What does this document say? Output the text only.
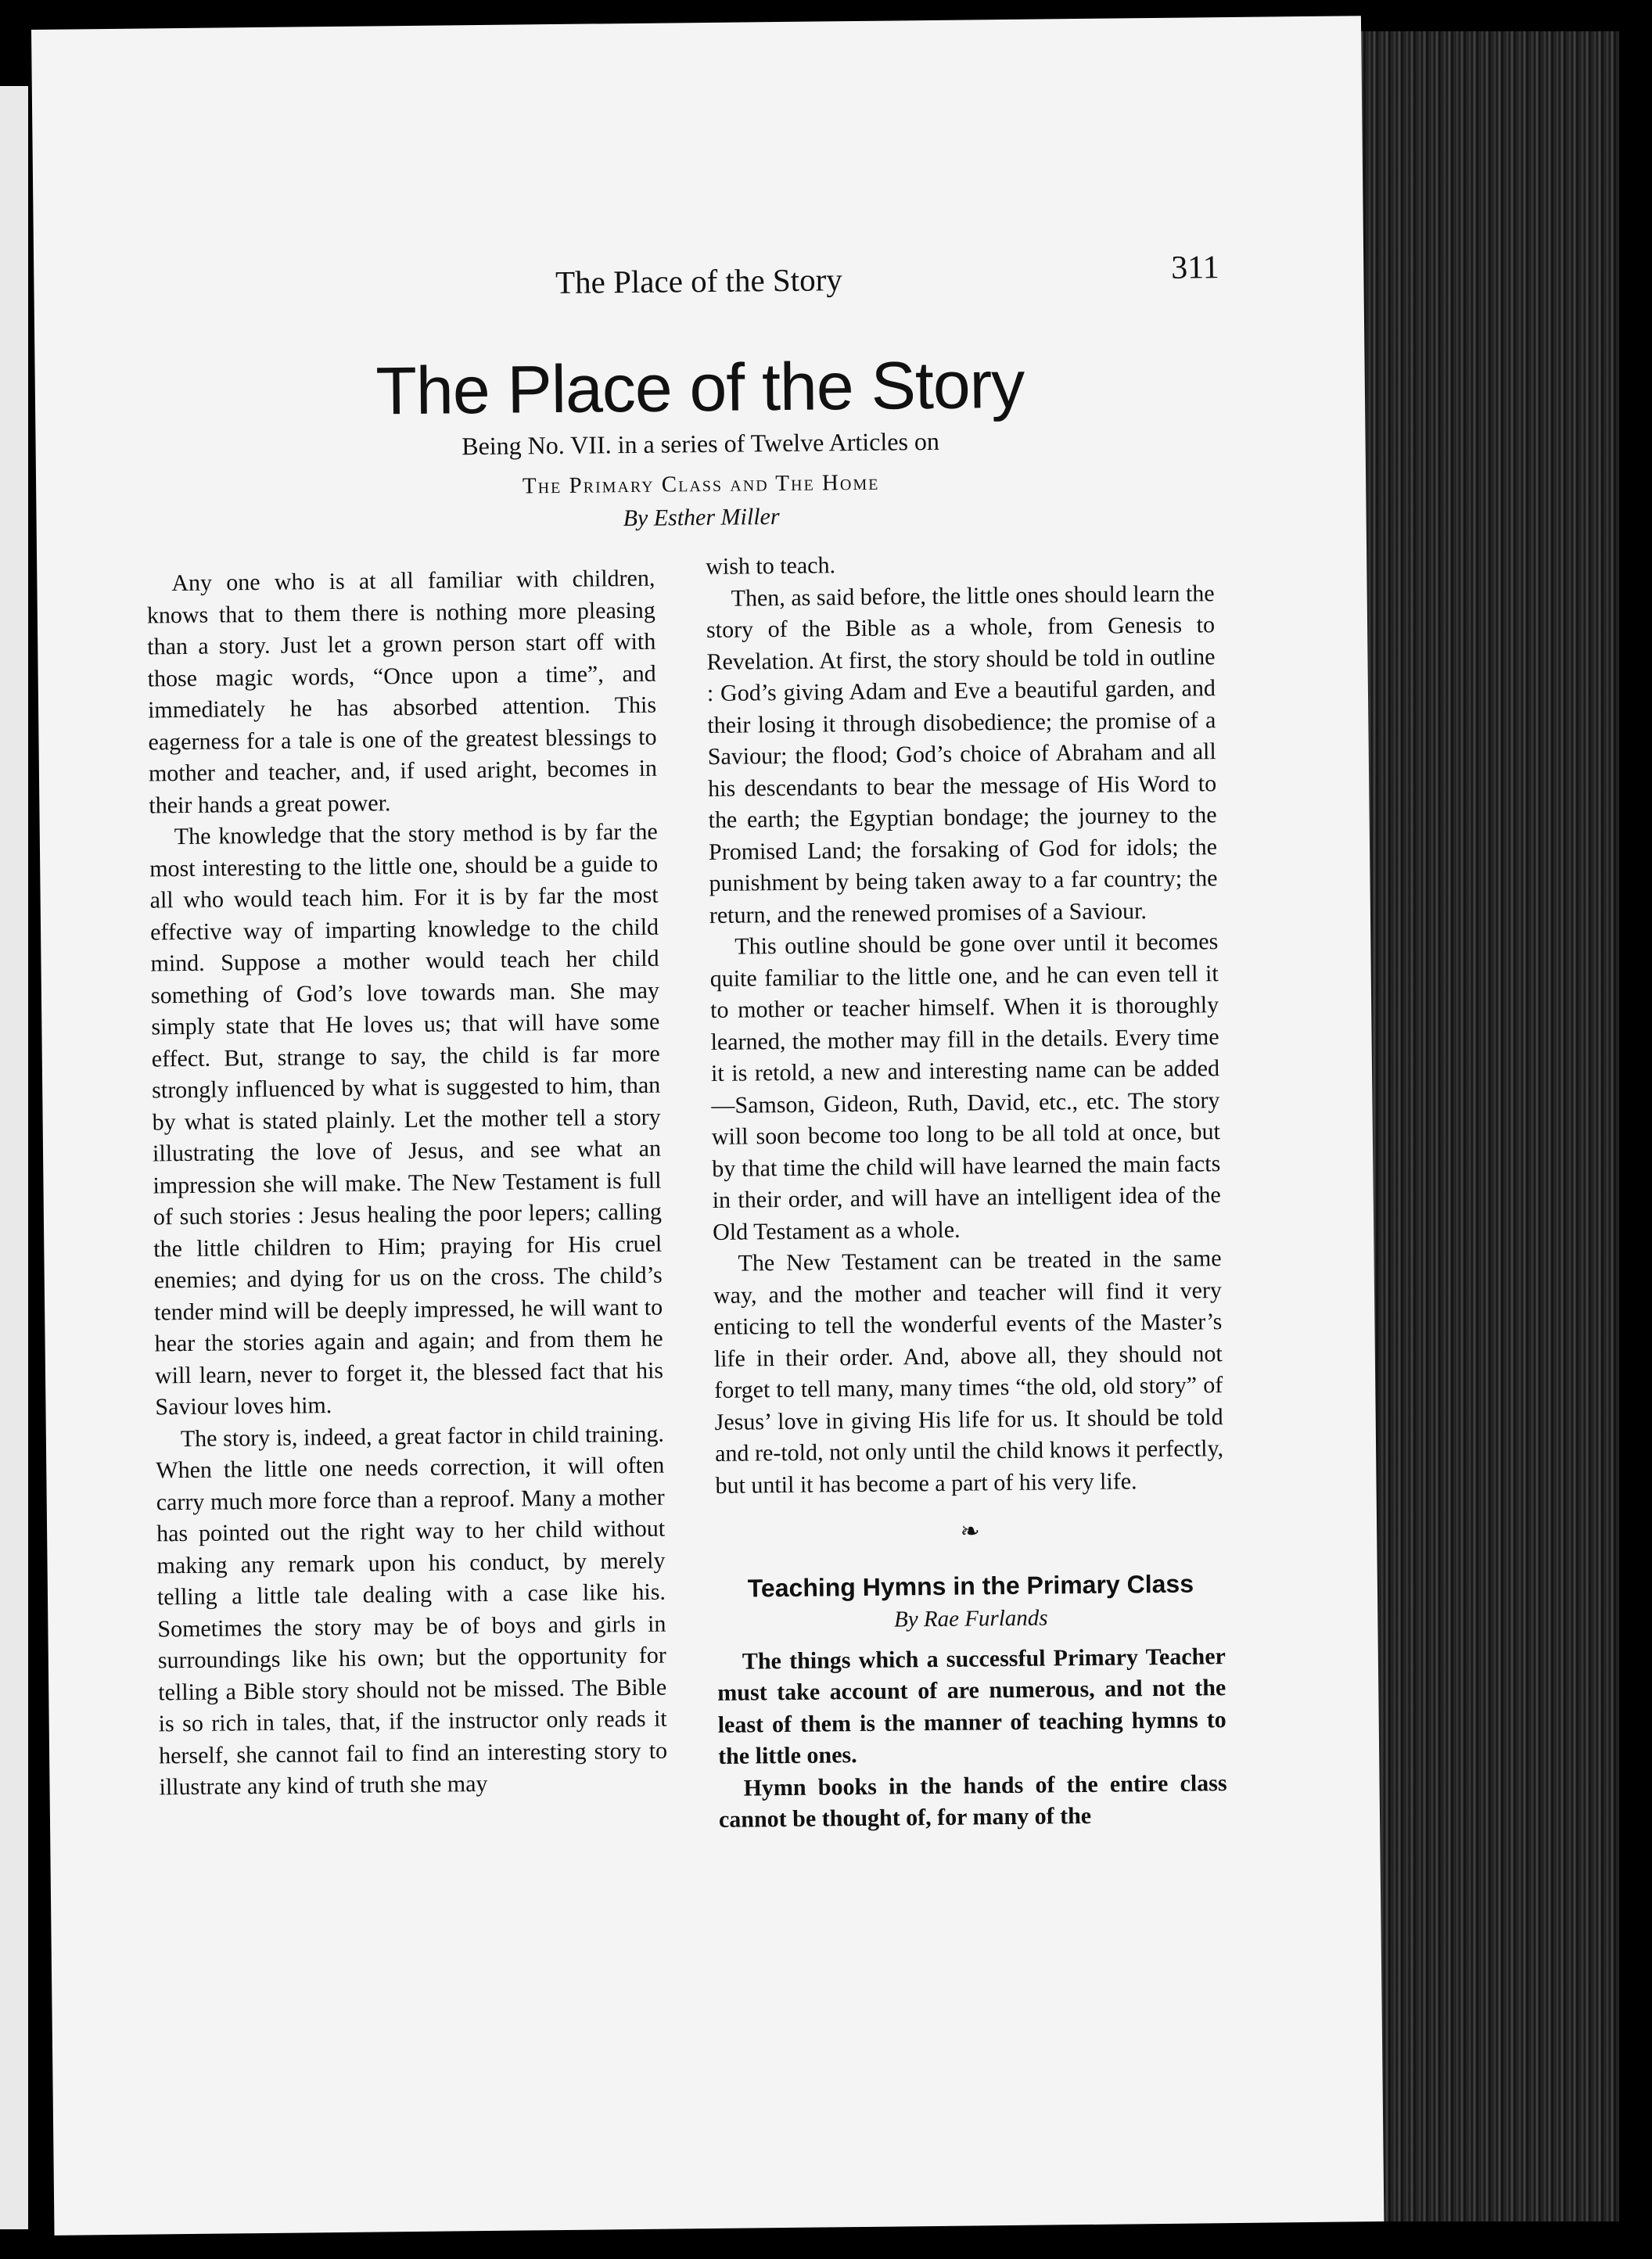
The Place of the Story	311
The Place of the Story
Being No. VII. in a series of Twelve Articles on
The Primary Class and The Home
By Esther Miller

Any one who is at all familiar with children, knows that to them there is nothing more pleasing than a story. Just let a grown person start off with those magic words, “Once upon a time”, and immediately he has absorbed attention. This eagerness for a tale is one of the greatest blessings to mother and teacher, and, if used aright, becomes in their hands a great power.

The knowledge that the story method is by far the most interesting to the little one, should be a guide to all who would teach him. For it is by far the most effective way of imparting knowledge to the child mind. Suppose a mother would teach her child something of God’s love towards man. She may simply state that He loves us; that will have some effect. But, strange to say, the child is far more strongly influenced by what is suggested to him, than by what is stated plainly. Let the mother tell a story illustrating the love of Jesus, and see what an impression she will make. The New Testament is full of such stories : Jesus healing the poor lepers; calling the little children to Him; praying for His cruel enemies; and dying for us on the cross. The child’s tender mind will be deeply impressed, he will want to hear the stories again and again; and from them he will learn, never to forget it, the blessed fact that his Saviour loves him.

The story is, indeed, a great factor in child training. When the little one needs correction, it will often carry much more force than a reproof. Many a mother has pointed out the right way to her child without making any remark upon his conduct, by merely telling a little tale dealing with a case like his. Sometimes the story may be of boys and girls in surroundings like his own; but the opportunity for telling a Bible story should not be missed. The Bible is so rich in tales, that, if the instructor only reads it herself, she cannot fail to find an interesting story to illustrate any kind of truth she may

wish to teach.

Then, as said before, the little ones should learn the story of the Bible as a whole, from Genesis to Revelation. At first, the story should be told in outline : God’s giving Adam and Eve a beautiful garden, and their losing it through disobedience; the promise of a Saviour; the flood; God’s choice of Abraham and all his descendants to bear the message of His Word to the earth; the Egyptian bondage; the journey to the Promised Land; the forsaking of God for idols; the punishment by being taken away to a far country; the return, and the renewed promises of a Saviour.

This outline should be gone over until it becomes quite familiar to the little one, and he can even tell it to mother or teacher himself. When it is thoroughly learned, the mother may fill in the details. Every time it is retold, a new and interesting name can be added—Samson, Gideon, Ruth, David, etc., etc. The story will soon become too long to be all told at once, but by that time the child will have learned the main facts in their order, and will have an intelligent idea of the Old Testament as a whole.

The New Testament can be treated in the same way, and the mother and teacher will find it very enticing to tell the wonderful events of the Master’s life in their order. And, above all, they should not forget to tell many, many times “the old, old story” of Jesus’ love in giving His life for us. It should be told and re-told, not only until the child knows it perfectly, but until it has become a part of his very life.

❧
Teaching Hymns in the Primary Class
By Rae Furlands

The things which a successful Primary Teacher must take account of are numerous, and not the least of them is the manner of teaching hymns to the little ones.

Hymn books in the hands of the entire class cannot be thought of, for many of the
